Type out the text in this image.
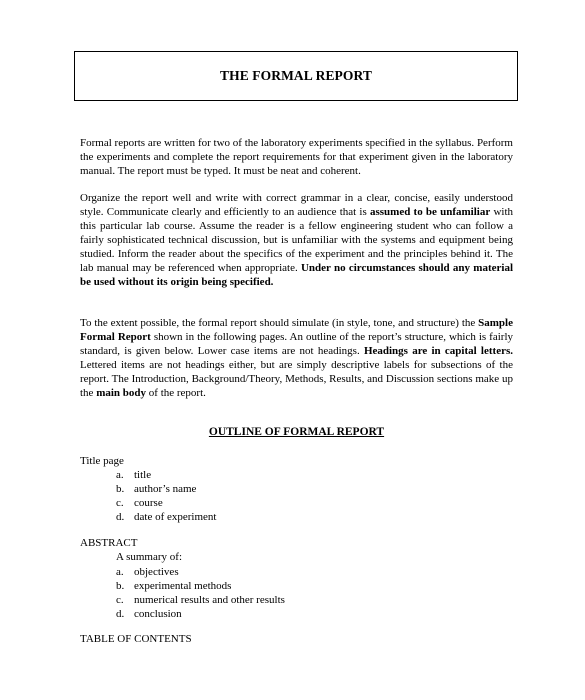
THE FORMAL REPORT

Formal reports are written for two of the laboratory experiments specified in the syllabus. Perform the experiments and complete the report requirements for that experiment given in the laboratory manual. The report must be typed. It must be neat and coherent.

Organize the report well and write with correct grammar in a clear, concise, easily understood style. Communicate clearly and efficiently to an audience that is assumed to be unfamiliar with this particular lab course. Assume the reader is a fellow engineering student who can follow a fairly sophisticated technical discussion, but is unfamiliar with the systems and equipment being studied. Inform the reader about the specifics of the experiment and the principles behind it. The lab manual may be referenced when appropriate. Under no circumstances should any material be used without its origin being specified.

To the extent possible, the formal report should simulate (in style, tone, and structure) the Sample Formal Report shown in the following pages. An outline of the report’s structure, which is fairly standard, is given below. Lower case items are not headings. Headings are in capital letters. Lettered items are not headings either, but are simply descriptive labels for subsections of the report. The Introduction, Background/Theory, Methods, Results, and Discussion sections make up the main body of the report.

OUTLINE OF FORMAL REPORT
Title page
a. title
b. author’s name
c. course
d. date of experiment
ABSTRACT
A summary of:
a. objectives
b. experimental methods
c. numerical results and other results
d. conclusion
TABLE OF CONTENTS
